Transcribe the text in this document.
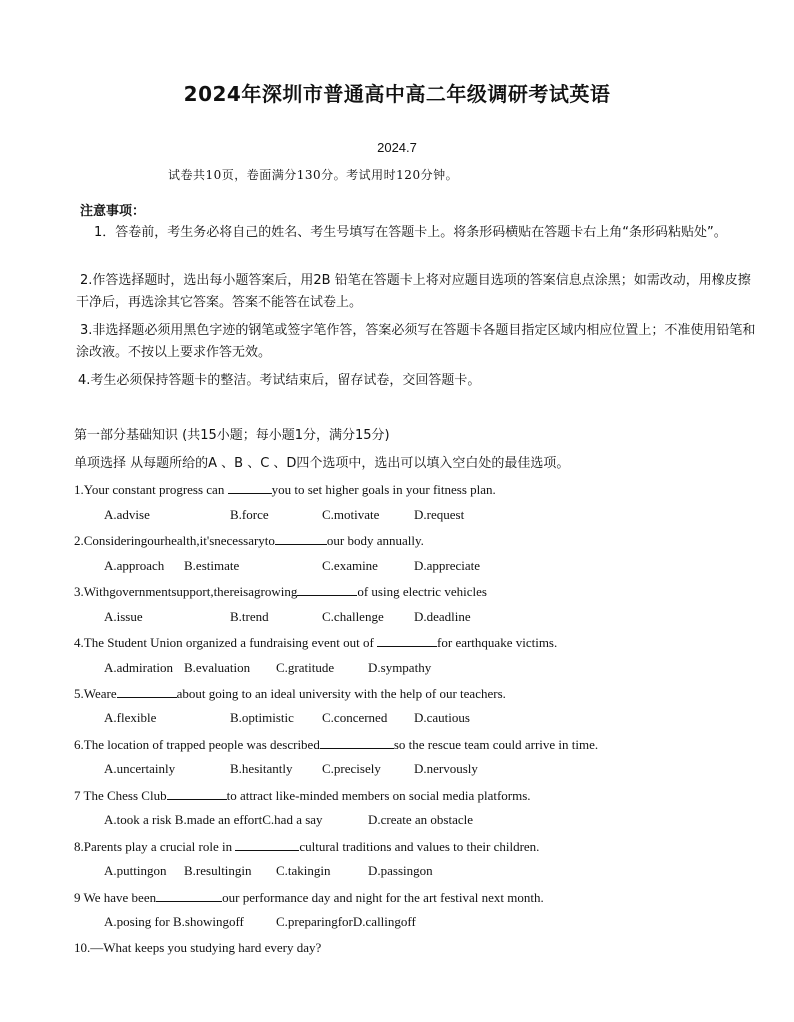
2024年深圳市普通高中高二年级调研考试英语
2024.7
试卷共10页，卷面满分130分。考试用时120分钟。
注意事项：
1．答卷前，考生务必将自己的姓名、考生号填写在答题卡上。将条形码横贴在答题卡右上角“条形码粘贴处”。
2.作答选择题时，选出每小题答案后，用2B 铅笔在答题卡上将对应题目选项的答案信息点涂黑；如需改动，用橡皮擦干净后，再选涂其它答案。答案不能答在试卷上。
3.非选择题必须用黑色字迹的钢笔或签字笔作答，答案必须写在答题卡各题目指定区域内相应位置上；不准使用铅笔和涂改液。不按以上要求作答无效。
4.考生必须保持答题卡的整洁。考试结束后，留存试卷，交回答题卡。
第一部分基础知识 (共15小题；每小题1分，满分15分)
单项选择 从每题所给的A 、B 、C 、D四个选项中，选出可以填入空白处的最佳选项。
1.Your constant progress can	you to set higher goals in your fitness plan.
A.advise	B.force	C.motivate	D.request
2.Consideringourhealth,it'snecessaryto	our body annually.
A.approach B.estimate	C.examine	D.appreciate
3.Withgovernmentsupport,thereisagrowing	of using electric vehicles
A.issue	B.trend	C.challenge D.deadline
4.The Student Union organized a fundraising event out of	for earthquake victims.
A.admiration B.evaluation C.gratitude	D.sympathy
5.Weare	about going to an ideal university with the help of our teachers.
A.flexible	B.optimistic C.concerned D.cautious
6.The location of trapped people was described	so the rescue team could arrive in time.
A.uncertainly	B.hesitantly C.precisely	D.nervously
7 The Chess Club	to attract like-minded members on social media platforms.
A.took a risk B.made an effortC.had a say	D.create an obstacle
8.Parents play a crucial role in	cultural traditions and values to their children.
A.puttingon B.resultingin C.takingin	D.passingon
9 We have been	our performance day and night for the art festival next month.
A.posing for B.showingoff C.preparingforD.callingoff
10.—What keeps you studying hard every day?
